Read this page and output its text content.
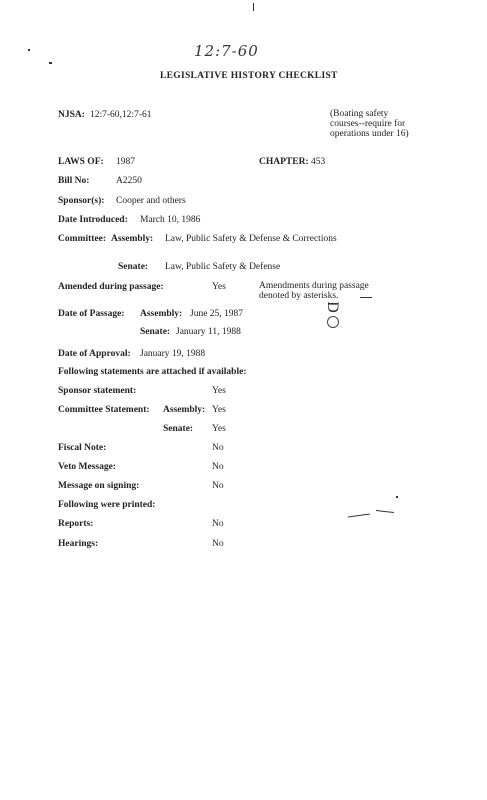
12:7-60
LEGISLATIVE HISTORY CHECKLIST
NJSA: 12:7-60,12:7-61	(Boating safety courses--require for operations under 16)
LAWS OF: 1987	CHAPTER: 453
Bill No:	A2250
Sponsor(s): Cooper and others
Date Introduced: March 10, 1986
Committee: Assembly: Law, Public Safety & Defense & Corrections
Senate: Law, Public Safety & Defense
Amended during passage:	Yes	Amendments during passage denoted by asterisks.
Date of Passage: Assembly: June 25, 1987
Senate: January 11, 1988
D
Date of Approval: January 19, 1988
Following statements are attached if available:
Sponsor statement:	Yes
Committee Statement: Assembly: Yes
Senate: Yes
Fiscal Note:	No
Veto Message:	No
Message on signing:	No
Following were printed:
Reports:	No
Hearings:	No
